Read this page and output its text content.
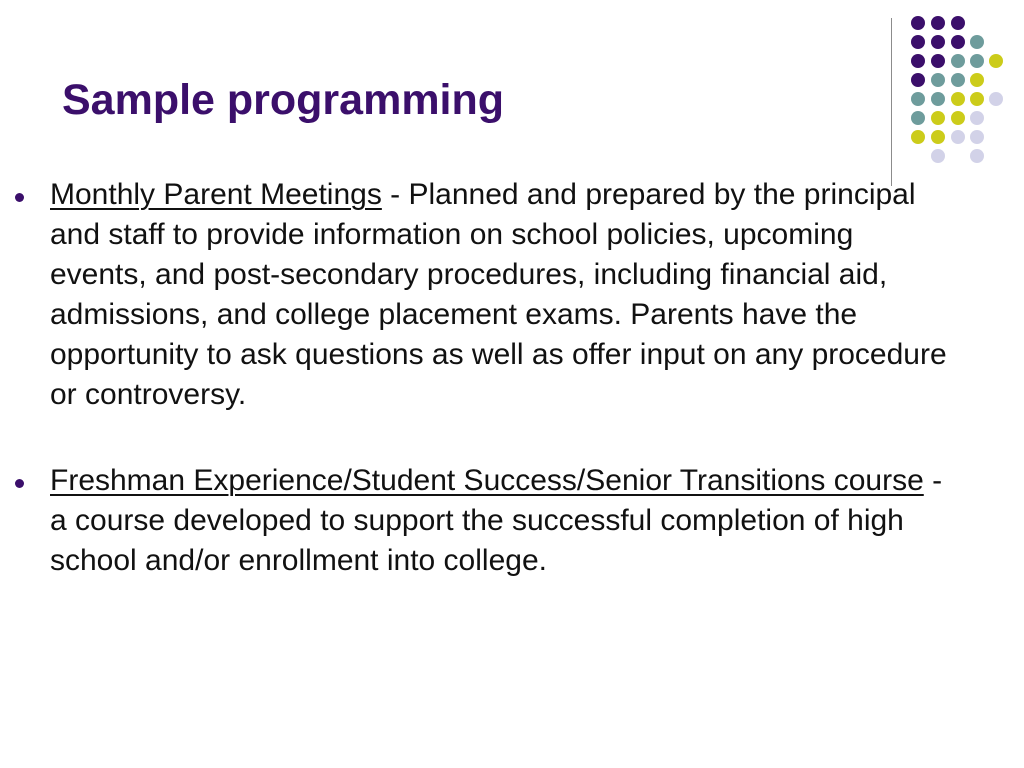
Sample programming
Monthly Parent Meetings - Planned and prepared by the principal and staff to provide information on school policies, upcoming events, and post-secondary procedures, including financial aid, admissions, and college placement exams. Parents have the opportunity to ask questions as well as offer input on any procedure or controversy.
Freshman Experience/Student Success/Senior Transitions course - a course developed to support the successful completion of high school and/or enrollment into college.
